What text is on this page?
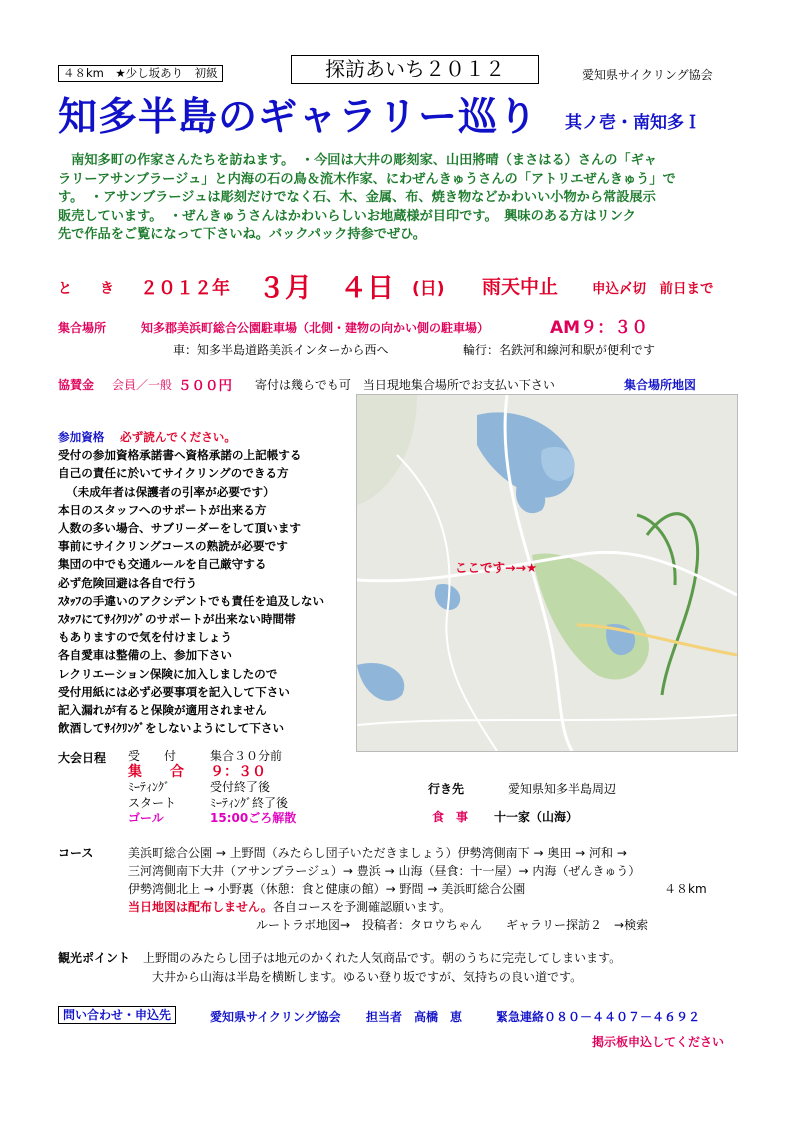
４８km　★少し坂あり　初級	探訪あいち２０１２	愛知県サイクリング協会
知多半島のギャラリー巡り 其ノ壱・南知多Ｉ
　南知多町の作家さんたちを訪ねます。　・今回は大井の彫刻家、山田將晴（まさはる）さんの「ギャ
ラリーアサンブラージュ」と内海の石の鳥＆流木作家、にわぜんきゅうさんの「アトリエぜんきゅう」で
す。　・アサンブラージュは彫刻だけでなく石、木、金属、布、焼き物などかわいい小物から常設展示
販売しています。　・ぜんきゅうさんはかわいらしいお地蔵様が目印です。　興味のある方はリンク
先で作品をご覧になって下さいね。バックパック持参でぜひ。
と　　き ２０１２年 ３月 ４日 (日) 雨天中止	申込〆切　前日まで
集合場所	知多郡美浜町総合公園駐車場（北側・建物の向かい側の駐車場）	AM９：３０
車：知多半島道路美浜インターから西へ	輪行：名鉄河和線河和駅が便利です
協賛金 会員／一般 ５００円 寄付は幾らでも可　当日現地集合場所でお支払い下さい	集合場所地図
参加資格　 必ず読んでください。
受付の参加資格承諾書へ資格承諾の上記帳する
自己の責任に於いてサイクリングのできる方
（未成年者は保護者の引率が必要です）
本日のスタッフへのサポートが出来る方
人数の多い場合、サブリーダーをして頂います
事前にサイクリングコースの熟読が必要です
集団の中でも交通ルールを自己厳守する
必ず危険回避は各自で行う
ｽﾀｯﾌの手違いのアクシデントでも責任を追及しない
ｽﾀｯﾌにてｻｲｸﾘﾝｸﾞのサポートが出来ない時間帯
もありますので気を付けましょう
各自愛車は整備の上、参加下さい
レクリエーション保険に加入しましたので
受付用紙には必ず必要事項を記入して下さい
記入漏れが有ると保険が適用されません
飲酒してｻｲｸﾘﾝｸﾞをしないようにして下さい
ここです→→★
大会日程 受　　付	集合３０分前
集　　合 ９：３０
ﾐｰﾃｨﾝｸﾞ	受付終了後
スタート	ﾐｰﾃｨﾝｸﾞ終了後
ゴール	15:00ごろ解散
行き先	愛知県知多半島周辺
食　事 十一家（山海）
コース	美浜町総合公園 → 上野間（みたらし団子いただきましょう）伊勢湾側南下 → 奥田 → 河和 →
三河湾側南下大井（アサンブラージュ）→ 豊浜 → 山海（昼食：十一屋）→ 内海（ぜんきゅう）
伊勢湾側北上 → 小野裏（休憩：食と健康の館）→ 野間 → 美浜町総合公園
当日地図は配布しません。各自コースを予測確認願います。
ルートラボ地図→　投稿者：タロウちゃん　　ギャラリー探訪２　→検索
４８km
観光ポイント 上野間のみたらし団子は地元のかくれた人気商品です。朝のうちに完売してしまいます。
大井から山海は半島を横断します。ゆるい登り坂ですが、気持ちの良い道です。
問い合わせ・申込先	愛知県サイクリング協会 担当者　高橋　恵	緊急連絡０８０－４４０７－４６９２
掲示板申込してください
